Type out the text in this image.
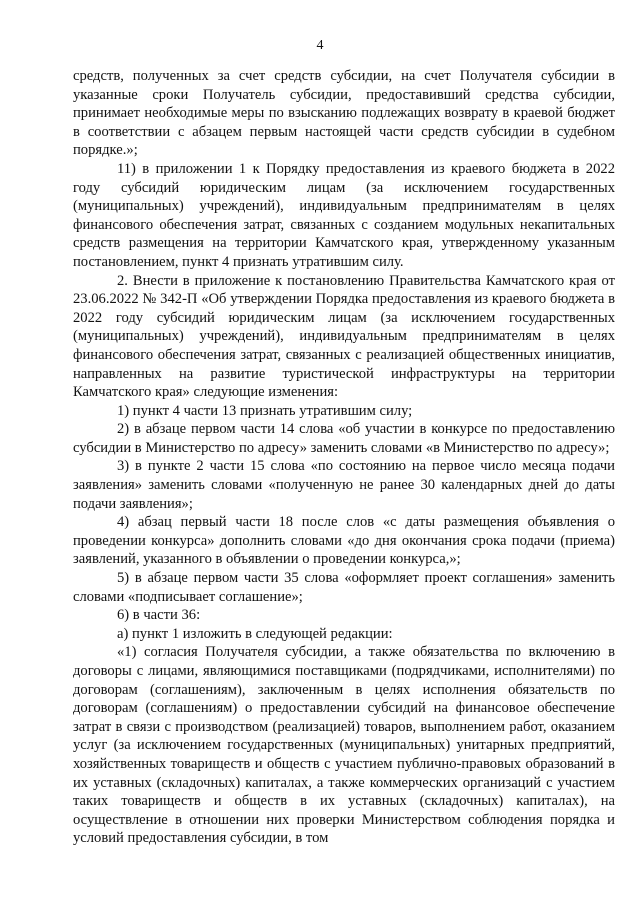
4

средств, полученных за счет средств субсидии, на счет Получателя субсидии в указанные сроки Получатель субсидии, предоставивший средства субсидии, принимает необходимые меры по взысканию подлежащих возврату в краевой бюджет в соответствии с абзацем первым настоящей части средств субсидии в судебном порядке.»;

11) в приложении 1 к Порядку предоставления из краевого бюджета в 2022 году субсидий юридическим лицам (за исключением государственных (муниципальных) учреждений), индивидуальным предпринимателям в целях финансового обеспечения затрат, связанных с созданием модульных некапитальных средств размещения на территории Камчатского края, утвержденному указанным постановлением, пункт 4 признать утратившим силу.

2. Внести в приложение к постановлению Правительства Камчатского края от 23.06.2022 № 342-П «Об утверждении Порядка предоставления из краевого бюджета в 2022 году субсидий юридическим лицам (за исключением государственных (муниципальных) учреждений), индивидуальным предпринимателям в целях финансового обеспечения затрат, связанных с реализацией общественных инициатив, направленных на развитие туристической инфраструктуры на территории Камчатского края» следующие изменения:

1) пункт 4 части 13 признать утратившим силу;

2) в абзаце первом части 14 слова «об участии в конкурсе по предоставлению субсидии в Министерство по адресу» заменить словами «в Министерство по адресу»;

3) в пункте 2 части 15 слова «по состоянию на первое число месяца подачи заявления» заменить словами «полученную не ранее 30 календарных дней до даты подачи заявления»;

4) абзац первый части 18 после слов «с даты размещения объявления о проведении конкурса» дополнить словами «до дня окончания срока подачи (приема) заявлений, указанного в объявлении о проведении конкурса,»;

5) в абзаце первом части 35 слова «оформляет проект соглашения» заменить словами «подписывает соглашение»;

6) в части 36:

а) пункт 1 изложить в следующей редакции:

«1) согласия Получателя субсидии, а также обязательства по включению в договоры с лицами, являющимися поставщиками (подрядчиками, исполнителями) по договорам (соглашениям), заключенным в целях исполнения обязательств по договорам (соглашениям) о предоставлении субсидий на финансовое обеспечение затрат в связи с производством (реализацией) товаров, выполнением работ, оказанием услуг (за исключением государственных (муниципальных) унитарных предприятий, хозяйственных товариществ и обществ с участием публично-правовых образований в их уставных (складочных) капиталах, а также коммерческих организаций с участием таких товариществ и обществ в их уставных (складочных) капиталах), на осуществление в отношении них проверки Министерством соблюдения порядка и условий предоставления субсидии, в том
